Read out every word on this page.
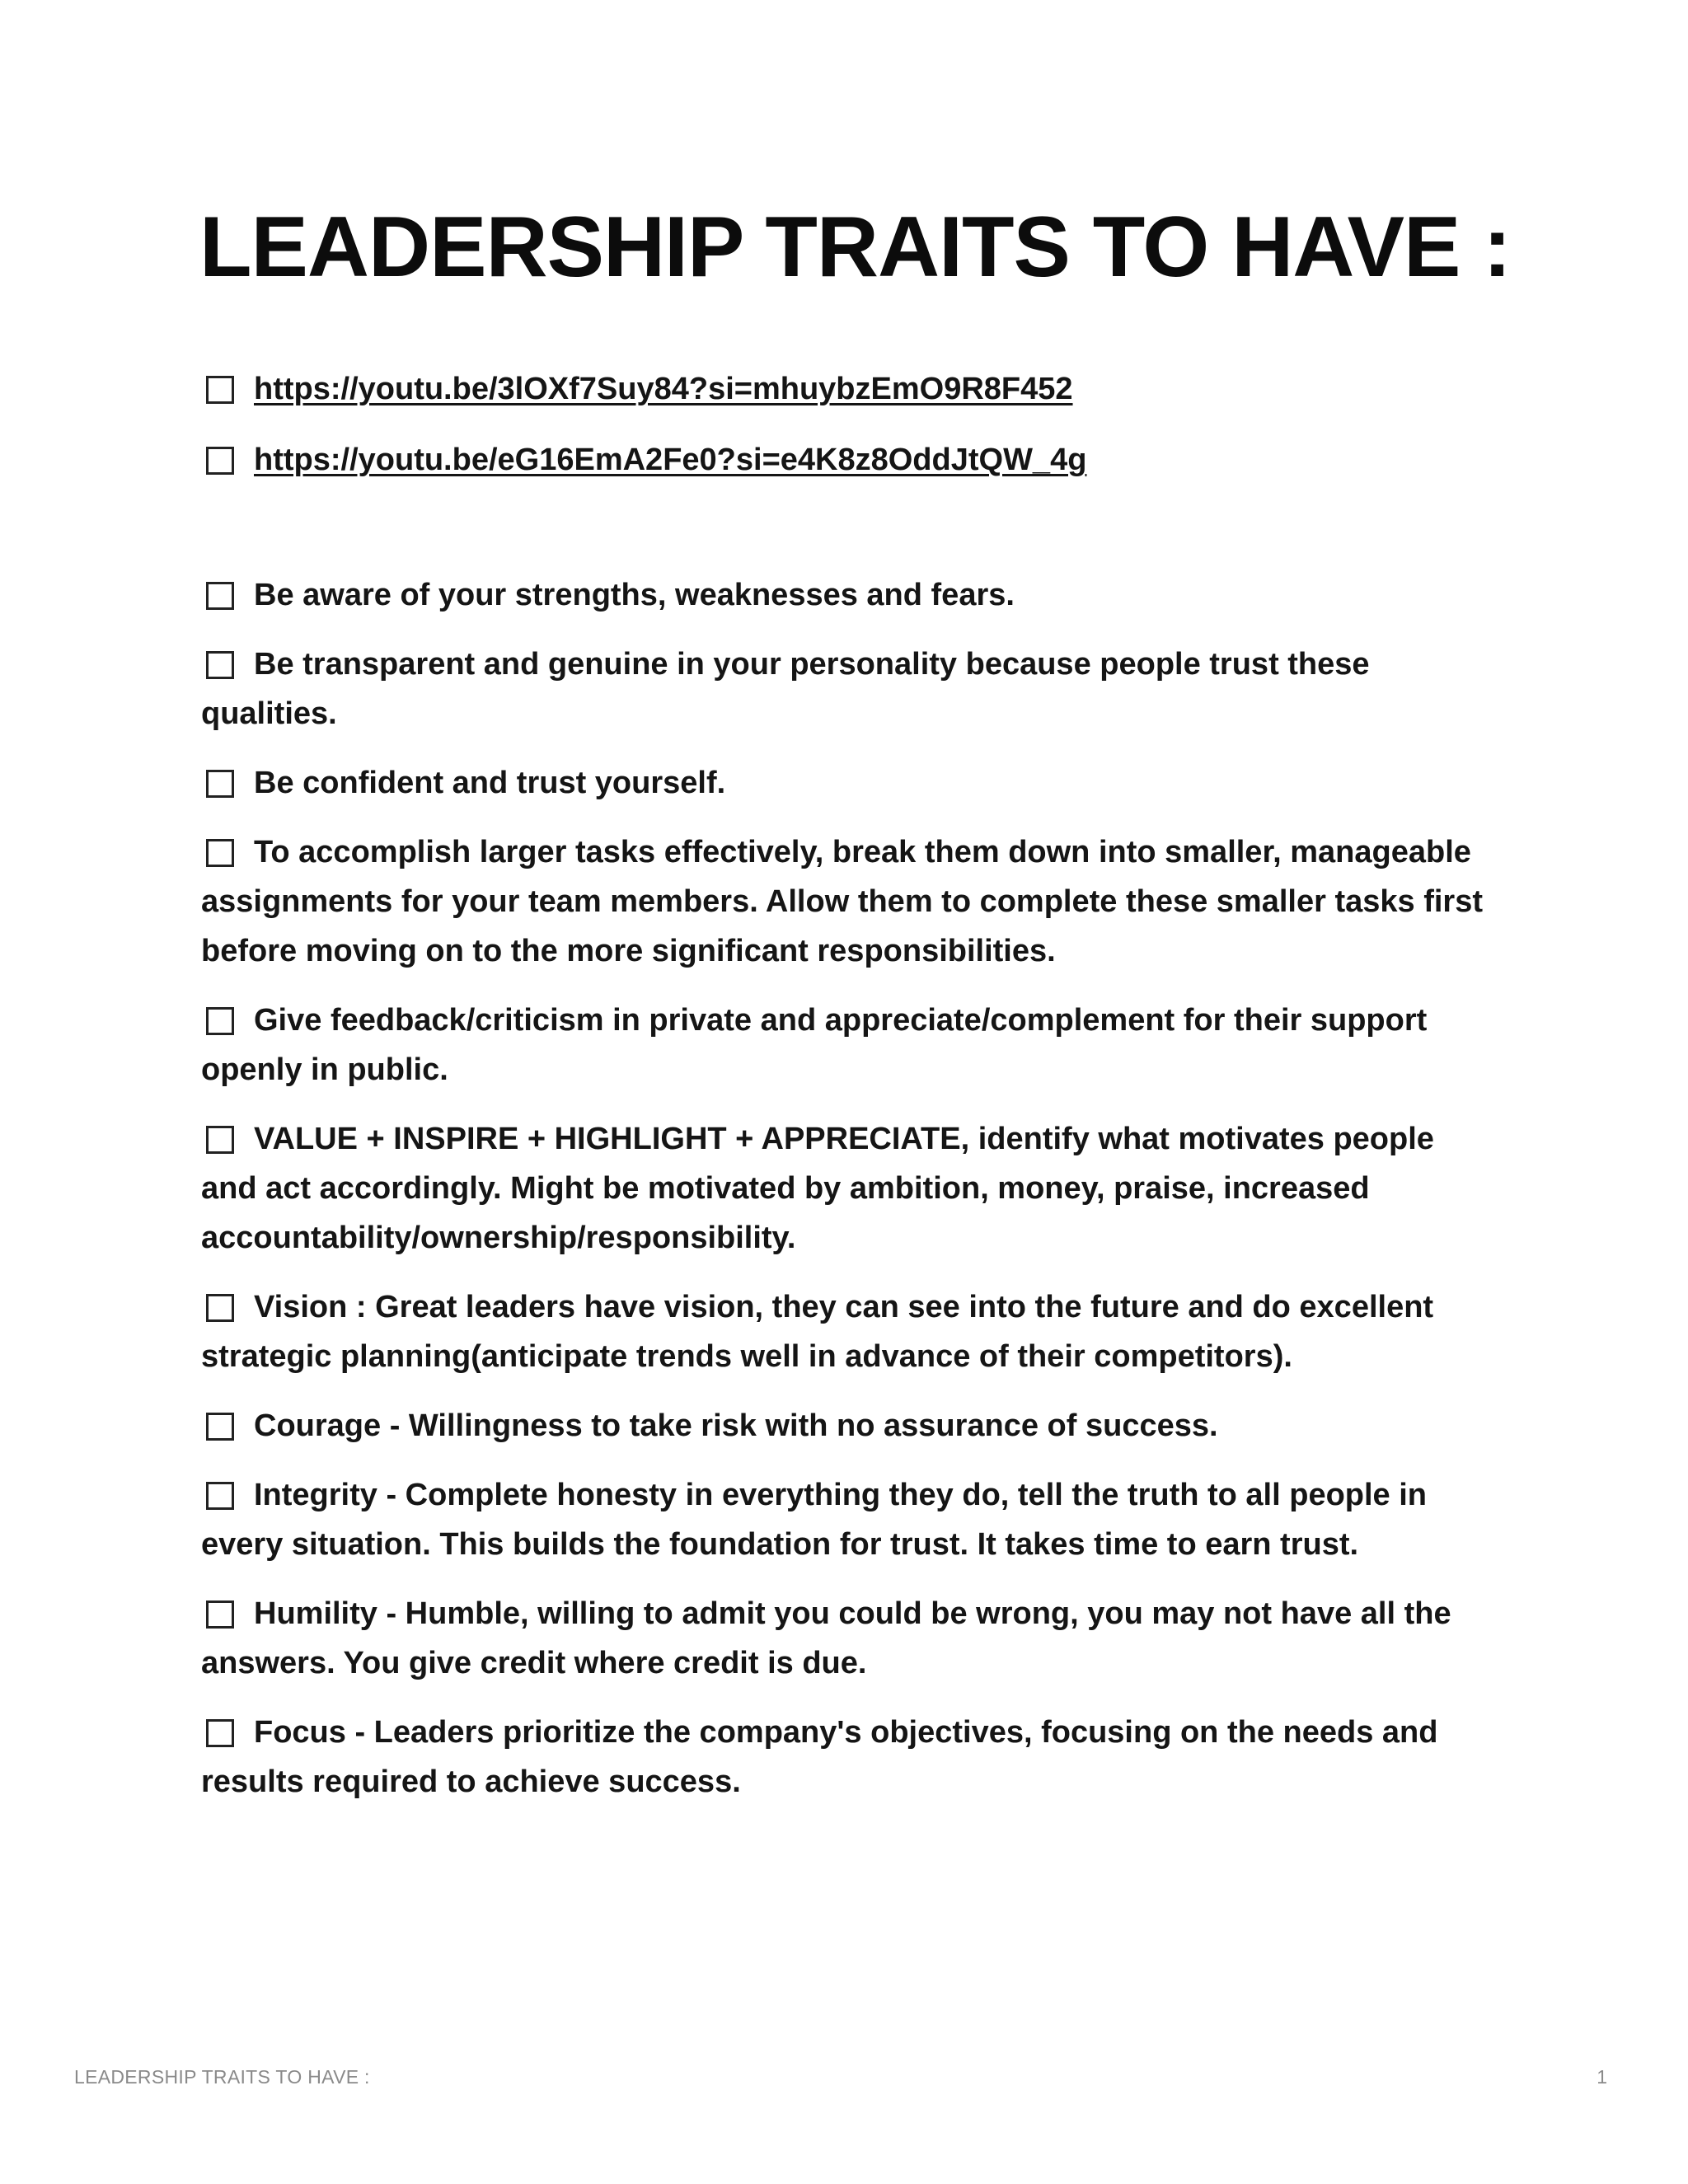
LEADERSHIP TRAITS TO HAVE :
https://youtu.be/3lOXf7Suy84?si=mhuybzEmO9R8F452
https://youtu.be/eG16EmA2Fe0?si=e4K8z8OddJtQW_4g
Be aware of your strengths, weaknesses and fears.
Be transparent and genuine in your personality because people trust these qualities.
Be confident and trust yourself.
To accomplish larger tasks effectively, break them down into smaller, manageable assignments for your team members. Allow them to complete these smaller tasks first before moving on to the more significant responsibilities.
Give feedback/criticism in private and appreciate/complement for their support openly in public.
VALUE + INSPIRE + HIGHLIGHT + APPRECIATE, identify what motivates people and act accordingly. Might be motivated by ambition, money, praise, increased accountability/ownership/responsibility.
Vision : Great leaders have vision, they can see into the future and do excellent strategic planning(anticipate trends well in advance of their competitors).
Courage - Willingness to take risk with no assurance of success.
Integrity - Complete honesty in everything they do, tell the truth to all people in every situation. This builds the foundation for trust. It takes time to earn trust.
Humility - Humble, willing to admit you could be wrong, you may not have all the answers. You give credit where credit is due.
Focus - Leaders prioritize the company's objectives, focusing on the needs and results required to achieve success.
LEADERSHIP TRAITS TO HAVE :	1
